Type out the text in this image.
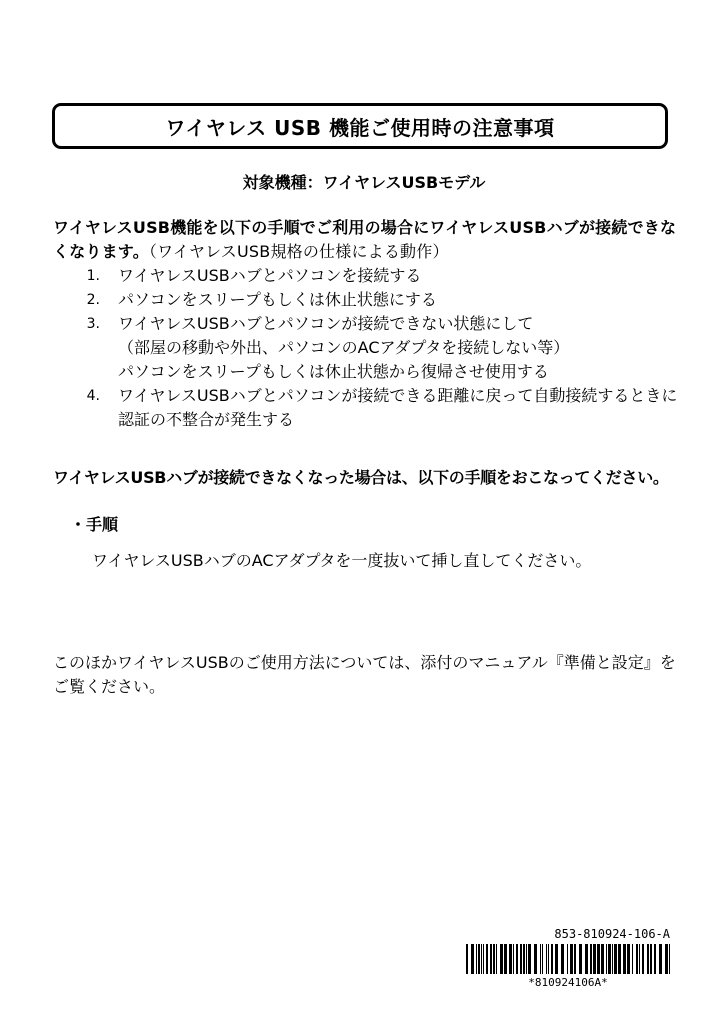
ワイヤレス USB 機能ご使用時の注意事項
対象機種：ワイヤレスUSBモデル
ワイヤレスUSB機能を以下の手順でご利用の場合にワイヤレスUSBハブが接続できなくなります。（ワイヤレスUSB規格の仕様による動作）
1.	ワイヤレスUSBハブとパソコンを接続する
2.	パソコンをスリープもしくは休止状態にする
3.	ワイヤレスUSBハブとパソコンが接続できない状態にして
（部屋の移動や外出、パソコンのACアダプタを接続しない等）
パソコンをスリープもしくは休止状態から復帰させ使用する
4.	ワイヤレスUSBハブとパソコンが接続できる距離に戻って自動接続するときに認証の不整合が発生する
ワイヤレスUSBハブが接続できなくなった場合は、以下の手順をおこなってください。
・手順
ワイヤレスUSBハブのACアダプタを一度抜いて挿し直してください。
このほかワイヤレスUSBのご使用方法については、添付のマニュアル『準備と設定』をご覧ください。
853-810924-106-A
*810924106A*
